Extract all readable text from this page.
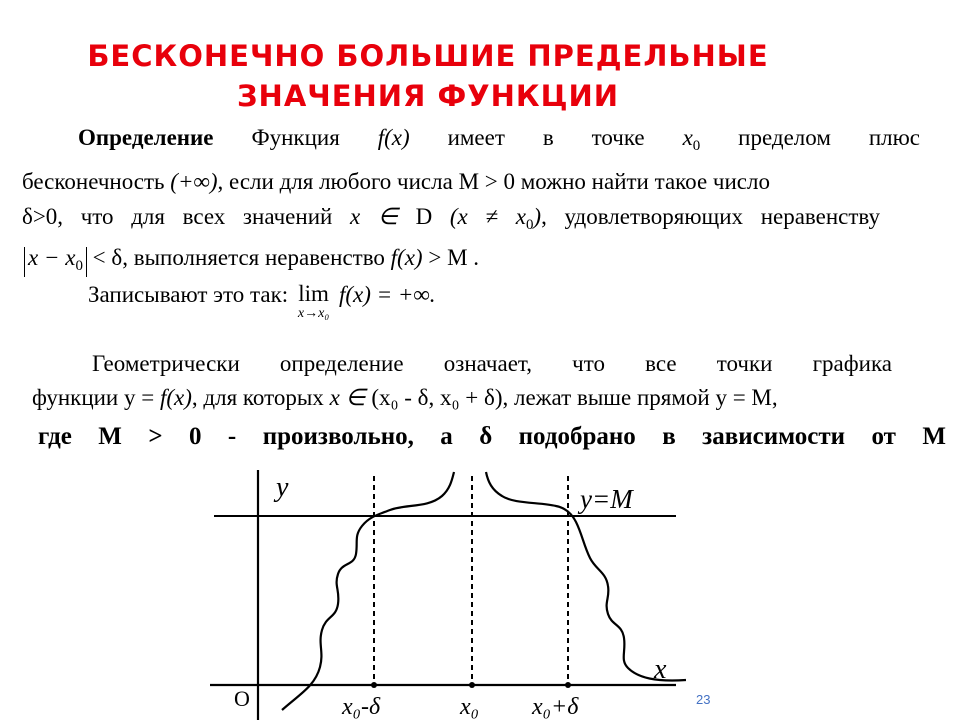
БЕСКОНЕЧНО БОЛЬШИЕ ПРЕДЕЛЬНЫЕ
ЗНАЧЕНИЯ ФУНКЦИИ
Определение Функция f(x) имеет в точке $x_0$ пределом плюс
бесконечность (+∞), если для любого числа М > 0 можно найти такое число
δ>0, что для всех значений x ∈ D $(x \ne x_0)$, удовлетворяющих неравенству
$x - x_0 < \delta$, выполняется неравенство f(x) > M .
Записывают это так: lim
x→x₀
f(x) = +∞.
Геометрически определение означает, что все точки графика
функции y = f(x), для которых x ∈ (x₀ - δ, x₀ + δ), лежат выше прямой y = M,
где M > 0 - произвольно, а δ подобрано в зависимости от M
y
x
y=M
O	x₀-δ	x₀ x₀+δ	23
